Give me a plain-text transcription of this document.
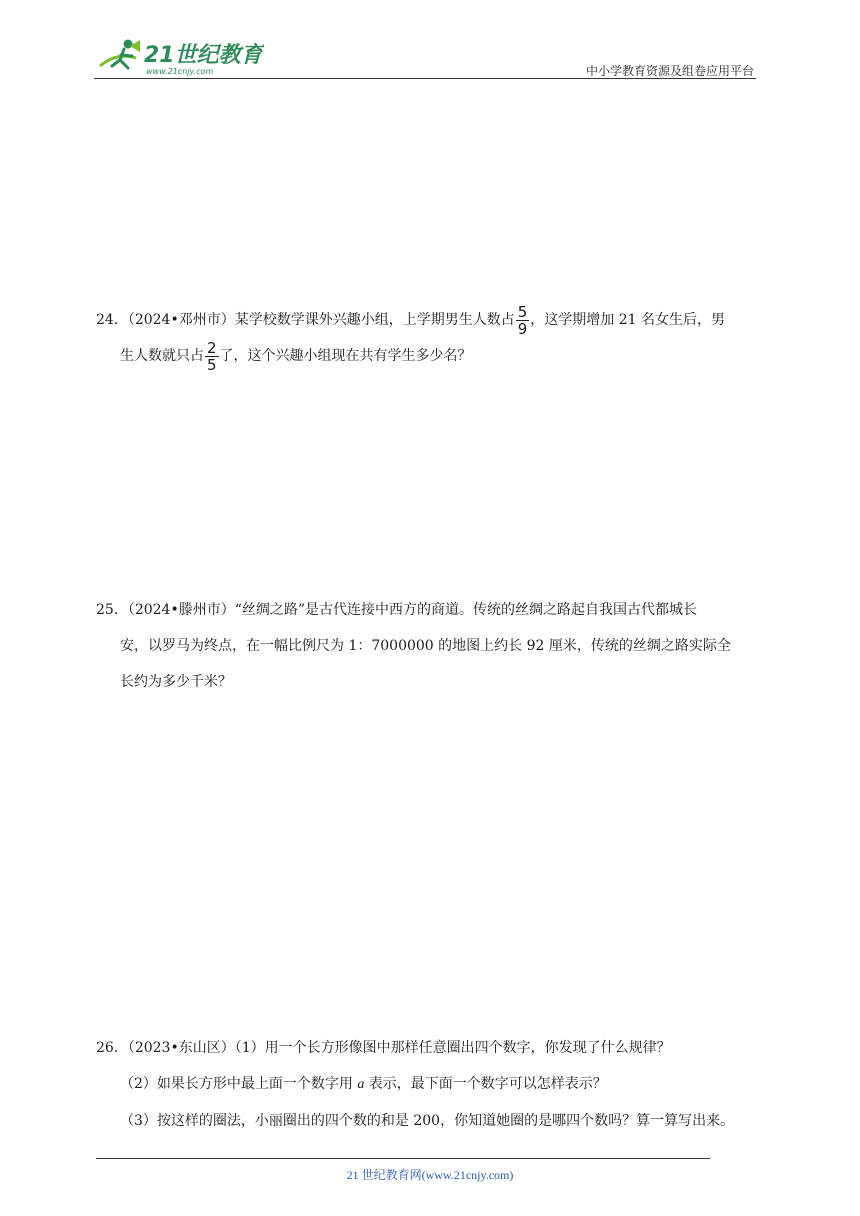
21世纪教育
www.21cnjy.com	中小学教育资源及组卷应用平台
24．（2024•邓州市）某学校数学课外兴趣小组，上学期男生人数占 $\frac{5}{9}$ ，这学期增加 21 名女生后，男
生人数就只占 $\frac{2}{5}$ 了，这个兴趣小组现在共有学生多少名？
25．（2024•滕州市）“丝绸之路”是古代连接中西方的商道。传统的丝绸之路起自我国古代都城长
安，以罗马为终点，在一幅比例尺为 1：7000000 的地图上约长 92 厘米，传统的丝绸之路实际全
长约为多少千米？
26．（2023•东山区）（1）用一个长方形像图中那样任意圈出四个数字，你发现了什么规律？
（2）如果长方形中最上面一个数字用 a 表示，最下面一个数字可以怎样表示？
（3）按这样的圈法，小丽圈出的四个数的和是 200，你知道她圈的是哪四个数吗？算一算写出来。
21 世纪教育网(www.21cnjy.com)
